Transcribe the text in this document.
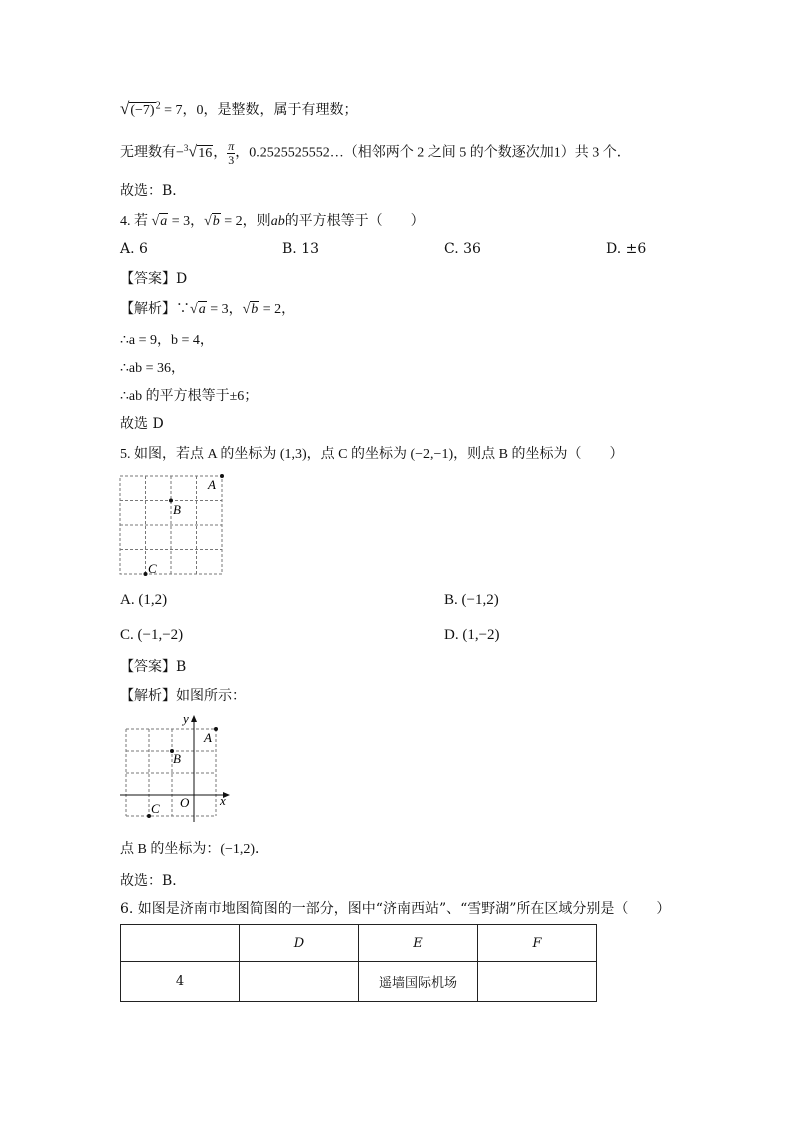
$√(-7)^2 = 7$，0，是整数，属于有理数；
无理数有−$^3$√16， $\frac{\pi}{3}$ ，0.2525525552…（相邻两个 2 之间 5 的个数逐次加1）共 3 个．
故选：B．
4. 若 √a = 3，√b = 2，则ab的平方根等于（　　）
A. 6	B. 13	C. 36	D. ±6
【答案】D
【解析】∵√a = 3，√b = 2，
∴a = 9，b = 4，
∴ab = 36，
∴ab 的平方根等于±6；
故选 D
5. 如图，若点 A 的坐标为 (1,3)，点 C 的坐标为 (−2,−1)，则点 B 的坐标为（　　）
A
B
C
A. (1,2)	B. (−1,2)
C. (−1,−2)	D. (1,−2)
【答案】B
【解析】如图所示：
A
B
C O x
y
点 B 的坐标为：(−1,2)．
故选：B．
6. 如图是济南市地图简图的一部分，图中“济南西站”、“雪野湖”所在区域分别是（　　）
	D	E	F
4		遥墙国际机场	
